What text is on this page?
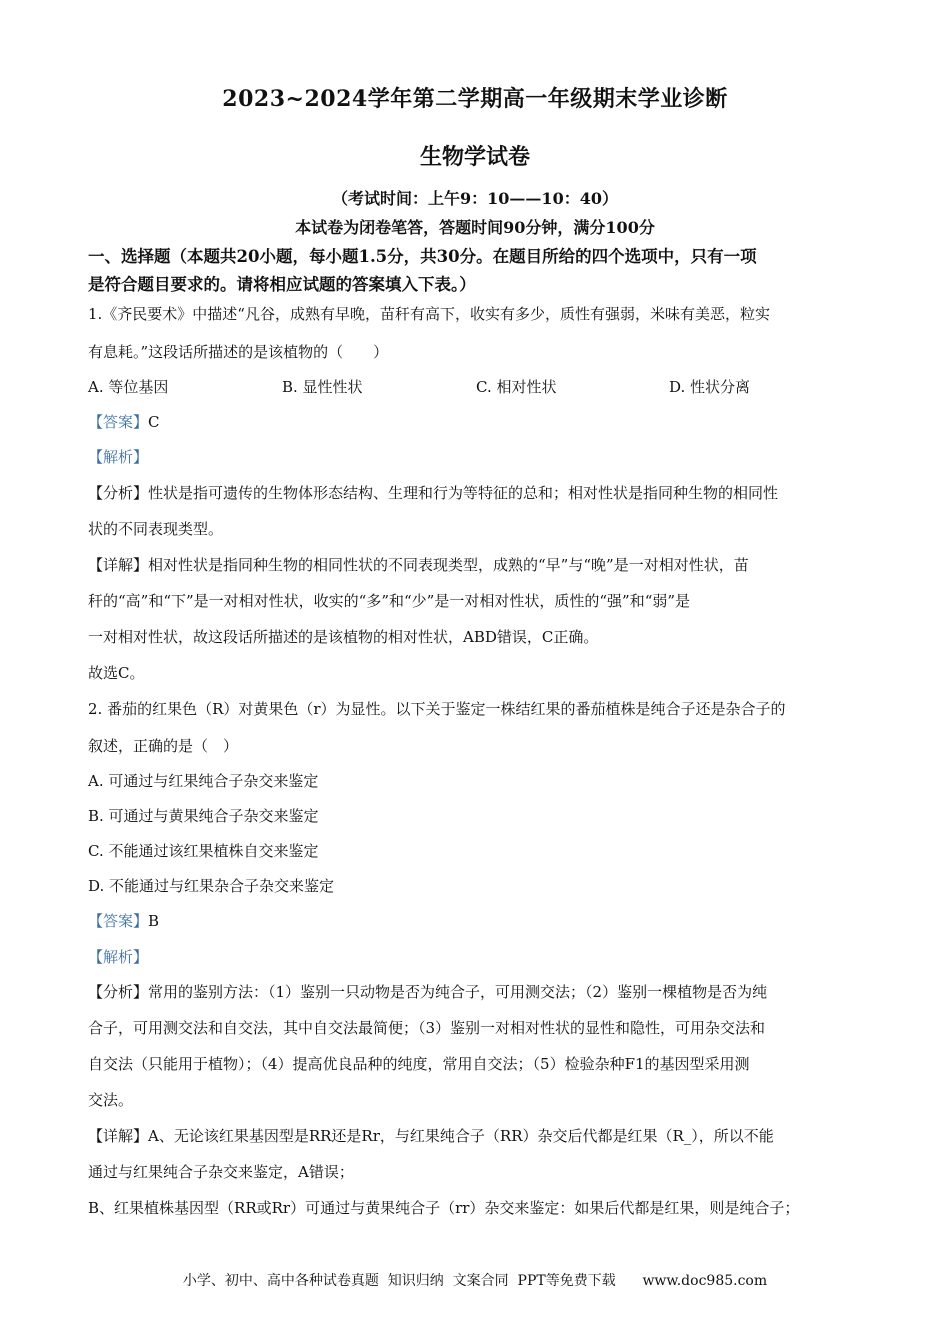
2023~2024学年第二学期高一年级期末学业诊断
生物学试卷
（考试时间：上午9：10——10：40）
本试卷为闭卷笔答，答题时间90分钟，满分100分
一、选择题（本题共20小题，每小题1.5分，共30分。在题目所给的四个选项中，只有一项
是符合题目要求的。请将相应试题的答案填入下表。）
1.《齐民要术》中描述“凡谷，成熟有早晚，苗秆有高下，收实有多少，质性有强弱，米味有美恶，粒实
有息耗。”这段话所描述的是该植物的（　　）
A. 等位基因	B. 显性性状	C. 相对性状	D. 性状分离
【答案】C
【解析】
【分析】性状是指可遗传的生物体形态结构、生理和行为等特征的总和；相对性状是指同种生物的相同性
状的不同表现类型。
【详解】相对性状是指同种生物的相同性状的不同表现类型，成熟的“早”与“晚”是一对相对性状，苗
秆的“高”和“下”是一对相对性状，收实的“多”和“少”是一对相对性状，质性的“强”和“弱”是
一对相对性状，故这段话所描述的是该植物的相对性状，ABD错误，C正确。
故选C。
2. 番茄的红果色（R）对黄果色（r）为显性。以下关于鉴定一株结红果的番茄植株是纯合子还是杂合子的
叙述，正确的是（　）
A. 可通过与红果纯合子杂交来鉴定
B. 可通过与黄果纯合子杂交来鉴定
C. 不能通过该红果植株自交来鉴定
D. 不能通过与红果杂合子杂交来鉴定
【答案】B
【解析】
【分析】常用的鉴别方法：（1）鉴别一只动物是否为纯合子，可用测交法；（2）鉴别一棵植物是否为纯
合子，可用测交法和自交法，其中自交法最简便；（3）鉴别一对相对性状的显性和隐性，可用杂交法和
自交法（只能用于植物）；（4）提高优良品种的纯度，常用自交法；（5）检验杂种F1的基因型采用测
交法。
【详解】A、无论该红果基因型是RR还是Rr，与红果纯合子（RR）杂交后代都是红果（R_），所以不能
通过与红果纯合子杂交来鉴定，A错误；
B、红果植株基因型（RR或Rr）可通过与黄果纯合子（rr）杂交来鉴定：如果后代都是红果，则是纯合子；
小学、初中、高中各种试卷真题  知识归纳  文案合同  PPT等免费下载      www.doc985.com
